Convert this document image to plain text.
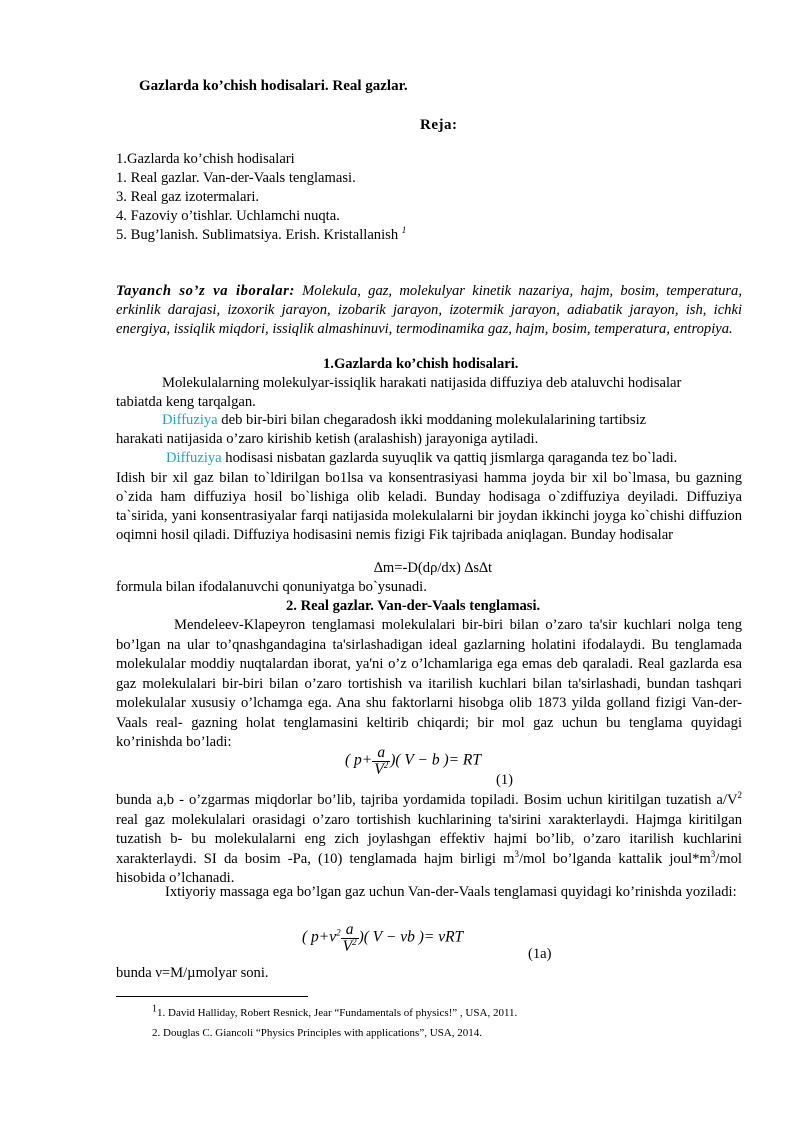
Gazlarda ko’chish hodisalari. Real gazlar.
Reja:
1.Gazlarda ko’chish hodisalari
1. Real gazlar. Van-der-Vaals tenglamasi.
3. Real gaz izotermalari.
4. Fazoviy o’tishlar. Uchlamchi nuqta.
5. Bug’lanish. Sublimatsiya. Erish. Kristallanish $^1$
Tayanch so’z va iboralar: Molekula, gaz, molekulyar kinetik nazariya, hajm, bosim, temperatura, erkinlik darajasi, izoxorik jarayon, izobarik jarayon, izotermik jarayon, adiabatik jarayon, ish, ichki energiya, issiqlik miqdori, issiqlik almashinuvi, termodinamika gaz, hajm, bosim, temperatura, entropiya.
1.Gazlarda ko’chish hodisalari.
Molekulalarning molekulyar-issiqlik harakati natijasida diffuziya deb ataluvchi hodisalar
tabiatda keng tarqalgan.
Diffuziya deb bir-biri bilan chegaradosh ikki moddaning molekulalarining tartibsiz
harakati natijasida o’zaro kirishib ketish (aralashish) jarayoniga aytiladi.
Diffuziya hodisasi nisbatan gazlarda suyuqlik va qattiq jismlarga qaraganda tez bo`ladi.
Idish bir xil gaz bilan to`ldirilgan bo1lsa va konsentrasiyasi hamma joyda bir xil bo`lmasa, bu gazning o`zida ham diffuziya hosil bo`lishiga olib keladi. Bunday hodisaga o`zdiffuziya deyiladi. Diffuziya ta`sirida, yani konsentrasiyalar farqi natijasida molekulalarni bir joydan ikkinchi joyga ko`chishi diffuzion oqimni hosil qiladi. Diffuziya hodisasini nemis fizigi Fik tajribada aniqlagan. Bunday hodisalar
∆m=-D(dρ/dx) ∆s∆t
formula bilan ifodalanuvchi qonuniyatga bo`ysunadi.
2. Real gazlar. Van-der-Vaals tenglamasi.
Mendeleev-Klapeyron tenglamasi molekulalari bir-biri bilan o’zaro ta'sir kuchlari nolga teng bo’lgan na ular to’qnashgandagina ta'sirlashadigan ideal gazlarning holatini ifodalaydi. Bu tenglamada molekulalar moddiy nuqtalardan iborat, ya'ni o’z o’lchamlariga ega emas deb qaraladi. Real gazlarda esa gaz molekulalari bir-biri bilan o’zaro tortishish va itarilish kuchlari bilan ta'sirlashadi, bundan tashqari molekulalar xususiy o’lchamga ega. Ana shu faktorlarni hisobga olib 1873 yilda golland fizigi Van-der-Vaals real- gazning holat tenglamasini keltirib chiqardi; bir mol gaz uchun bu tenglama quyidagi ko’rinishda bo’ladi:
( $p+ \frac{a}{V^2}$ )( V − b )= RT
(1)
bunda a,b - o’zgarmas miqdorlar bo’lib, tajriba yordamida topiladi. Bosim uchun kiritilgan tuzatish $a/V^2$ real gaz molekulalari orasidagi o’zaro tortishish kuchlarining ta'sirini xarakterlaydi. Hajmga kiritilgan tuzatish b- bu molekulalarni eng zich joylashgan effektiv hajmi bo’lib, o’zaro itarilish kuchlarini xarakterlaydi. SI da bosim -Pa, (10) tenglamada hajm birligi $m^3$/mol bo’lganda kattalik $joul*m^3$/mol hisobida o’lchanadi.
Ixtiyoriy massaga ega bo’lgan gaz uchun Van-der-Vaals tenglamasi quyidagi ko’rinishda yoziladi:
( $p+\nu^2 \frac{a}{V^2}$ )( V − νb )= νRT
(1a)
bunda ν=M/µmolyar soni.
$^1$1. David Halliday, Robert Resnick, Jear “Fundamentals of physics!” , USA, 2011.
2. Douglas C. Giancoli “Physics Principles with applications”, USA, 2014.
